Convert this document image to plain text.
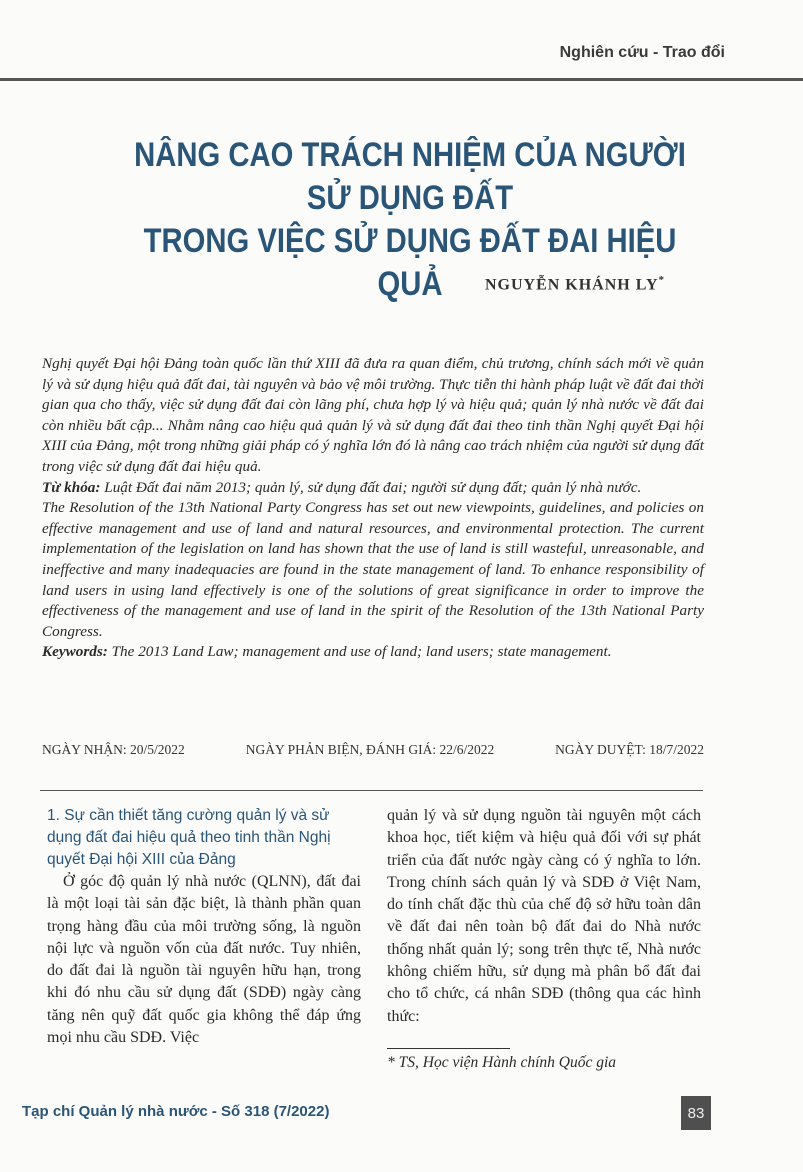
Nghiên cứu - Trao đổi
NÂNG CAO TRÁCH NHIỆM CỦA NGƯỜI SỬ DỤNG ĐẤT
TRONG VIỆC SỬ DỤNG ĐẤT ĐAI HIỆU QUẢ	NGUYỄN KHÁNH LY*

Nghị quyết Đại hội Đảng toàn quốc lần thứ XIII đã đưa ra quan điểm, chủ trương, chính sách mới về quản lý và sử dụng hiệu quả đất đai, tài nguyên và bảo vệ môi trường. Thực tiễn thi hành pháp luật về đất đai thời gian qua cho thấy, việc sử dụng đất đai còn lãng phí, chưa hợp lý và hiệu quả; quản lý nhà nước về đất đai còn nhiều bất cập... Nhằm nâng cao hiệu quả quản lý và sử dụng đất đai theo tinh thần Nghị quyết Đại hội XIII của Đảng, một trong những giải pháp có ý nghĩa lớn đó là nâng cao trách nhiệm của người sử dụng đất trong việc sử dụng đất đai hiệu quả.

Từ khóa: Luật Đất đai năm 2013; quản lý, sử dụng đất đai; người sử dụng đất; quản lý nhà nước.

The Resolution of the 13th National Party Congress has set out new viewpoints, guidelines, and policies on effective management and use of land and natural resources, and environmental protection. The current implementation of the legislation on land has shown that the use of land is still wasteful, unreasonable, and ineffective and many inadequacies are found in the state management of land. To enhance responsibility of land users in using land effectively is one of the solutions of great significance in order to improve the effectiveness of the management and use of land in the spirit of the Resolution of the 13th National Party Congress.

Keywords: The 2013 Land Law; management and use of land; land users; state management.

NGÀY NHẬN: 20/5/2022	NGÀY PHẢN BIỆN, ĐÁNH GIÁ: 22/6/2022	NGÀY DUYỆT: 18/7/2022

1. Sự cần thiết tăng cường quản lý và sử dụng đất đai hiệu quả theo tinh thần Nghị quyết Đại hội XIII của Đảng

Ở góc độ quản lý nhà nước (QLNN), đất đai là một loại tài sản đặc biệt, là thành phần quan trọng hàng đầu của môi trường sống, là nguồn nội lực và nguồn vốn của đất nước. Tuy nhiên, do đất đai là nguồn tài nguyên hữu hạn, trong khi đó nhu cầu sử dụng đất (SDĐ) ngày càng tăng nên quỹ đất quốc gia không thể đáp ứng mọi nhu cầu SDĐ. Việc

quản lý và sử dụng nguồn tài nguyên một cách khoa học, tiết kiệm và hiệu quả đối với sự phát triển của đất nước ngày càng có ý nghĩa to lớn. Trong chính sách quản lý và SDĐ ở Việt Nam, do tính chất đặc thù của chế độ sở hữu toàn dân về đất đai nên toàn bộ đất đai do Nhà nước thống nhất quản lý; song trên thực tế, Nhà nước không chiếm hữu, sử dụng mà phân bổ đất đai cho tổ chức, cá nhân SDĐ (thông qua các hình thức:

* TS, Học viện Hành chính Quốc gia
Tạp chí Quản lý nhà nước - Số 318 (7/2022)	83
